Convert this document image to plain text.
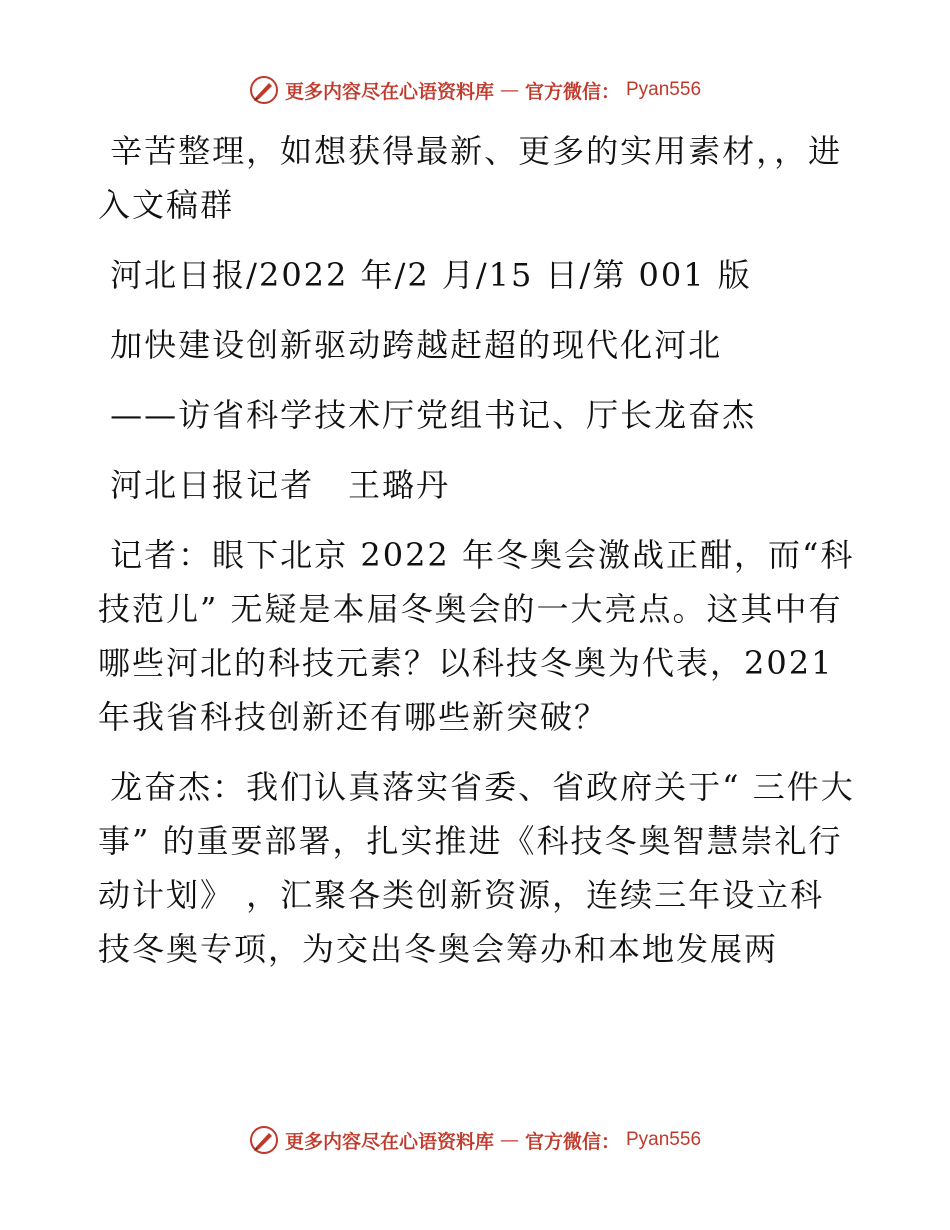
更多内容尽在心语资料库 — 官方微信： Pyan556

辛苦整理，如想获得最新、更多的实用素材，，进入文稿群

河北日报/2022 年/2 月/15 日/第 001 版

加快建设创新驱动跨越赶超的现代化河北

——访省科学技术厅党组书记、厅长龙奋杰

河北日报记者　王璐丹

记者：眼下北京 2022 年冬奥会激战正酣，而“科技范儿” 无疑是本届冬奥会的一大亮点。这其中有哪些河北的科技元素？以科技冬奥为代表，2021 年我省科技创新还有哪些新突破？

龙奋杰：我们认真落实省委、省政府关于“ 三件大事” 的重要部署，扎实推进《科技冬奥智慧崇礼行动计划》 ，汇聚各类创新资源，连续三年设立科技冬奥专项，为交出冬奥会筹办和本地发展两

更多内容尽在心语资料库 — 官方微信： Pyan556
